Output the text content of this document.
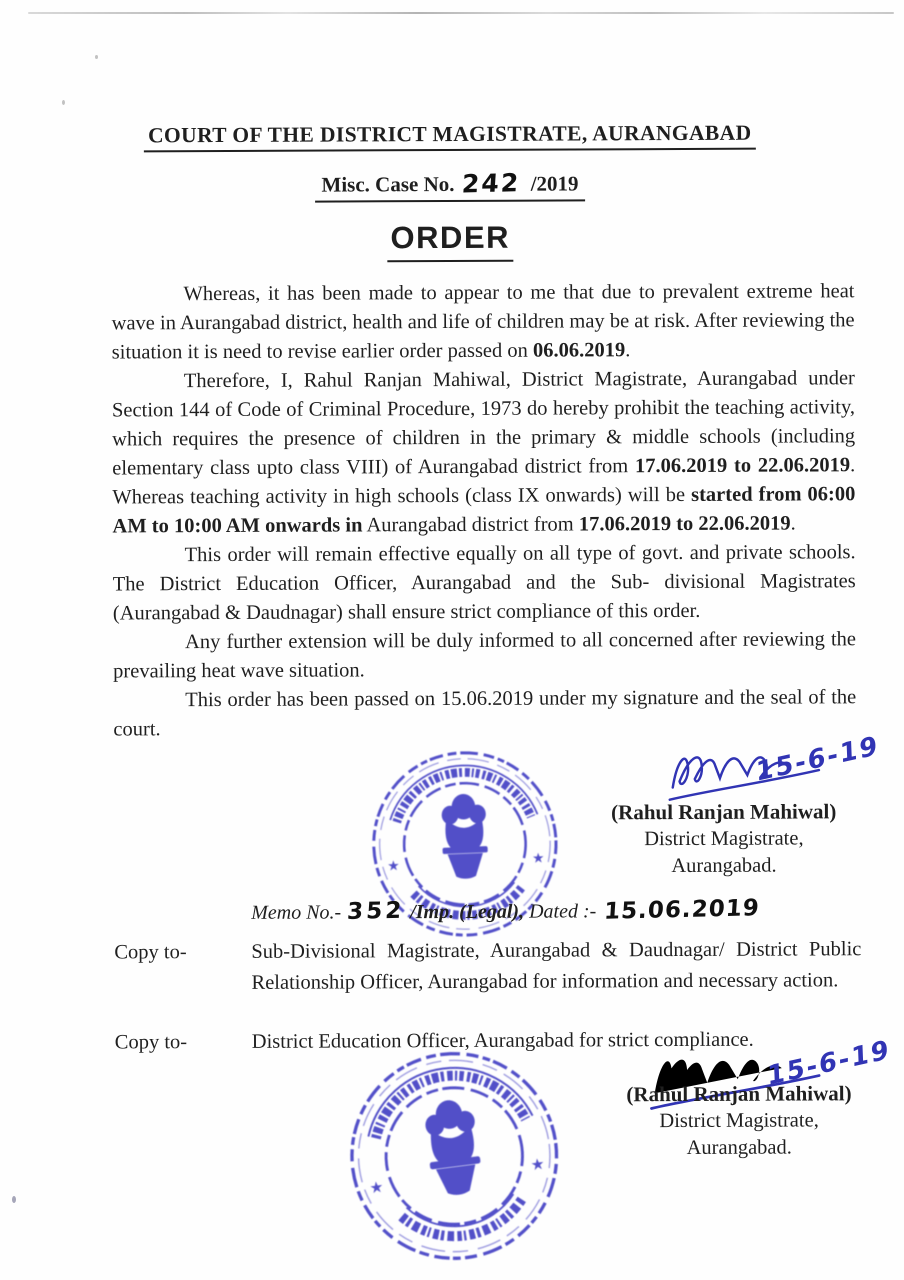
COURT OF THE DISTRICT MAGISTRATE, AURANGABAD
Misc. Case No. 242 /2019
ORDER

Whereas, it has been made to appear to me that due to prevalent extreme heat wave in Aurangabad district, health and life of children may be at risk. After reviewing the situation it is need to revise earlier order passed on 06.06.2019.

Therefore, I, Rahul Ranjan Mahiwal, District Magistrate, Aurangabad under Section 144 of Code of Criminal Procedure, 1973 do hereby prohibit the teaching activity, which requires the presence of children in the primary & middle schools (including elementary class upto class VIII) of Aurangabad district from 17.06.2019 to 22.06.2019. Whereas teaching activity in high schools (class IX onwards) will be started from 06:00 AM to 10:00 AM onwards in Aurangabad district from 17.06.2019 to 22.06.2019.

This order will remain effective equally on all type of govt. and private schools. The District Education Officer, Aurangabad and the Sub- divisional Magistrates (Aurangabad & Daudnagar) shall ensure strict compliance of this order.

Any further extension will be duly informed to all concerned after reviewing the prevailing heat wave situation.

This order has been passed on 15.06.2019 under my signature and the seal of the court.

★	★
15-6-19
(Rahul Ranjan Mahiwal)
District Magistrate,
Aurangabad.
Memo No.- 352 /Imp. (Legal), Dated :- 15.06.2019
Copy to-	Sub-Divisional Magistrate, Aurangabad & Daudnagar/ District Public Relationship Officer, Aurangabad for information and necessary action.
Copy to-	District Education Officer, Aurangabad for strict compliance. 15-6-19
(Rahul Ranjan Mahiwal)
District Magistrate,
Aurangabad.
